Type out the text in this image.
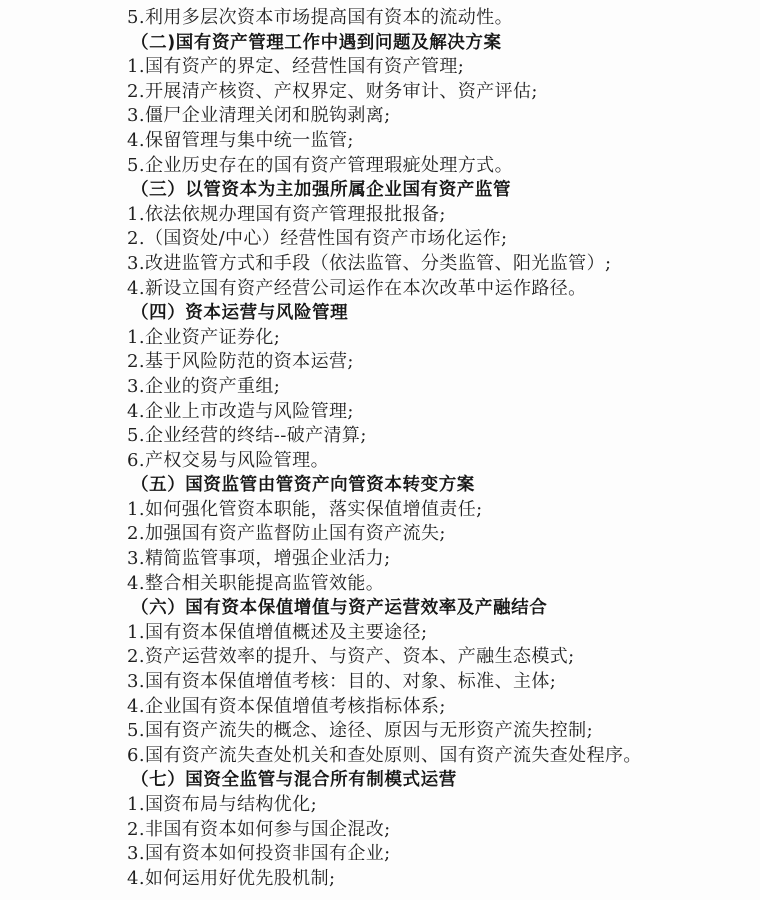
5.利用多层次资本市场提高国有资本的流动性。
（二)国有资产管理工作中遇到问题及解决方案
1.国有资产的界定、经营性国有资产管理;
2.开展清产核资、产权界定、财务审计、资产评估;
3.僵尸企业清理关闭和脱钩剥离;
4.保留管理与集中统一监管;
5.企业历史存在的国有资产管理瑕疵处理方式。
（三）以管资本为主加强所属企业国有资产监管
1.依法依规办理国有资产管理报批报备;
2.（国资处/中心）经营性国有资产市场化运作;
3.改进监管方式和手段（依法监管、分类监管、阳光监管）;
4.新设立国有资产经营公司运作在本次改革中运作路径。
（四）资本运营与风险管理
1.企业资产证券化;
2.基于风险防范的资本运营;
3.企业的资产重组;
4.企业上市改造与风险管理;
5.企业经营的终结--破产清算;
6.产权交易与风险管理。
（五）国资监管由管资产向管资本转变方案
1.如何强化管资本职能，落实保值增值责任;
2.加强国有资产监督防止国有资产流失;
3.精简监管事项，增强企业活力;
4.整合相关职能提高监管效能。
（六）国有资本保值增值与资产运营效率及产融结合
1.国有资本保值增值概述及主要途径;
2.资产运营效率的提升、与资产、资本、产融生态模式;
3.国有资本保值增值考核：目的、对象、标准、主体;
4.企业国有资本保值增值考核指标体系;
5.国有资产流失的概念、途径、原因与无形资产流失控制;
6.国有资产流失查处机关和查处原则、国有资产流失查处程序。
（七）国资全监管与混合所有制模式运营
1.国资布局与结构优化;
2.非国有资本如何参与国企混改;
3.国有资本如何投资非国有企业;
4.如何运用好优先股机制;
